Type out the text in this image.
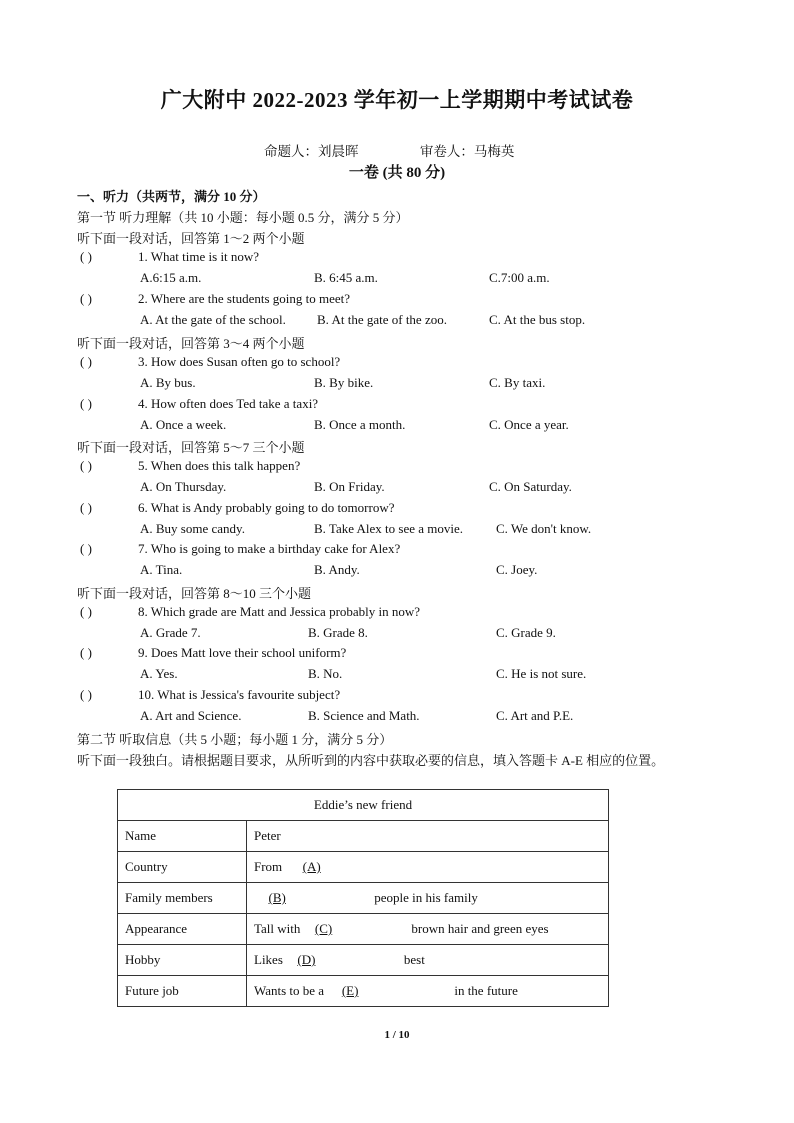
广大附中 2022-2023 学年初一上学期期中考试试卷
命题人：刘晨晖	审卷人：马梅英
一卷 (共 80 分)
一、听力（共两节，满分 10 分）
第一节 听力理解（共 10 小题：每小题 0.5 分，满分 5 分）
听下面一段对话，回答第 1～2 两个小题
( )	1. What time is it now?
A.6:15 a.m.	B. 6:45 a.m.	C.7:00 a.m.
( )	2. Where are the students going to meet?
A. At the gate of the school. B. At the gate of the zoo.	C. At the bus stop.
听下面一段对话，回答第 3～4 两个小题
( )	3. How does Susan often go to school?
A. By bus.	B. By bike.	C. By taxi.
( )	4. How often does Ted take a taxi?
A. Once a week.	B. Once a month.	C. Once a year.
听下面一段对话，回答第 5～7 三个小题
( )	5. When does this talk happen?
A. On Thursday.	B. On Friday.	C. On Saturday.
( )	6. What is Andy probably going to do tomorrow?
A. Buy some candy.	B. Take Alex to see a movie.	C. We don't know.
( )	7. Who is going to make a birthday cake for Alex?
A. Tina.	B. Andy.	C. Joey.
听下面一段对话，回答第 8～10 三个小题
( )	8. Which grade are Matt and Jessica probably in now?
A. Grade 7.	B. Grade 8.	C. Grade 9.
( )	9. Does Matt love their school uniform?
A. Yes.	B. No.	C. He is not sure.
( )	10. What is Jessica's favourite subject?
A. Art and Science.	B. Science and Math.	C. Art and P.E.
第二节 听取信息（共 5 小题；每小题 1 分，满分 5 分）
听下面一段独白。请根据题目要求，从所听到的内容中获取必要的信息，填入答题卡 A-E 相应的位置。
Eddie’s new friend	
Name	Peter
Country	From (A)
Family members	(B) people in his family
Appearance	Tall with (C) brown hair and green eyes
Hobby	Likes (D) best
Future job	Wants to be a (E) in the future
1 / 10
